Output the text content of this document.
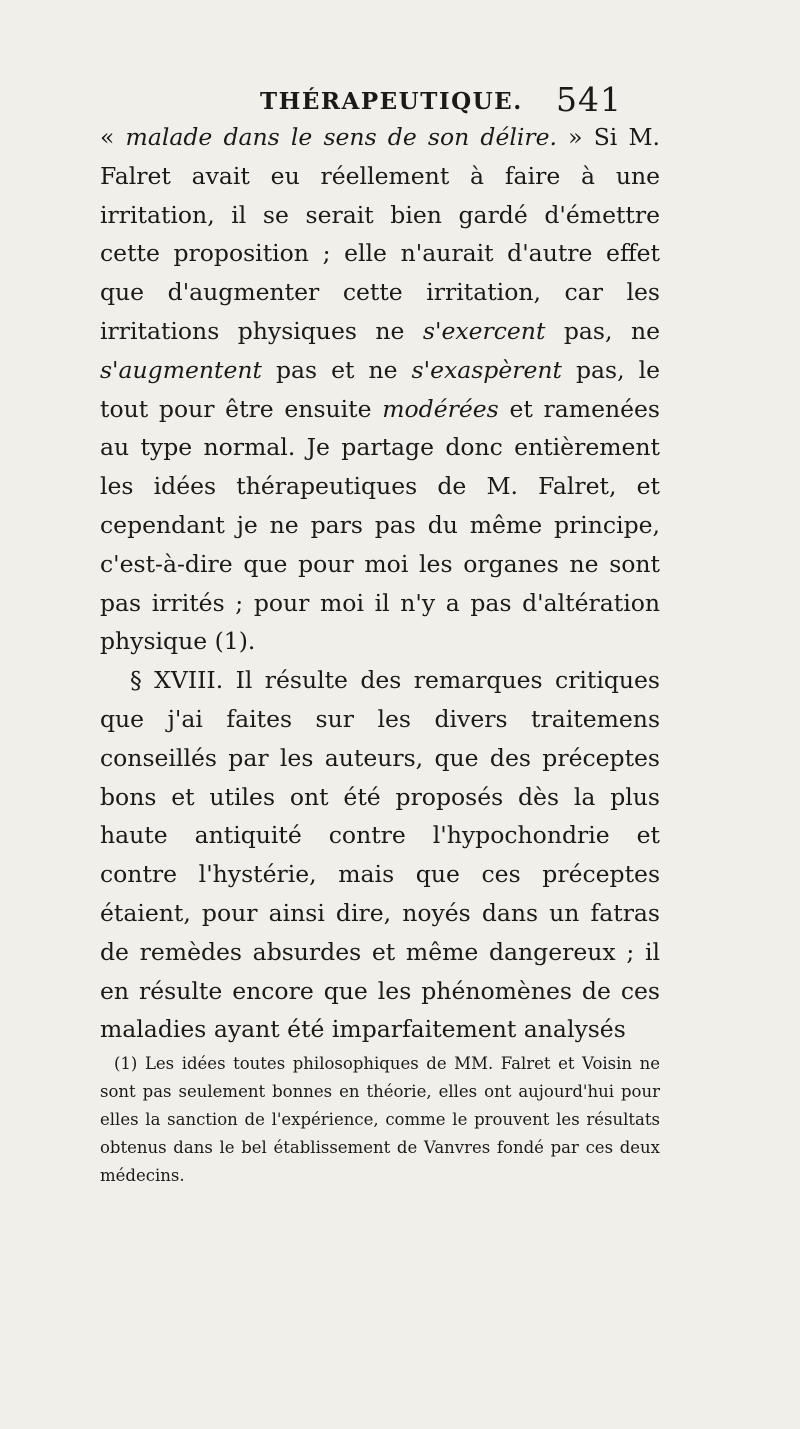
THÉRAPEUTIQUE. 541

« malade dans le sens de son délire. » Si M. Falret avait eu réellement à faire à une irritation, il se serait bien gardé d'émettre cette proposition ; elle n'aurait d'autre effet que d'augmenter cette irritation, car les irritations physiques ne s'exercent pas, ne s'augmentent pas et ne s'exaspèrent pas, le tout pour être ensuite modérées et ramenées au type normal. Je partage donc entièrement les idées thérapeutiques de M. Falret, et cependant je ne pars pas du même principe, c'est-à-dire que pour moi les organes ne sont pas irrités ; pour moi il n'y a pas d'altération physique (1).

§ XVIII. Il résulte des remarques critiques que j'ai faites sur les divers traitemens conseillés par les auteurs, que des préceptes bons et utiles ont été proposés dès la plus haute antiquité contre l'hypochondrie et contre l'hystérie, mais que ces préceptes étaient, pour ainsi dire, noyés dans un fatras de remèdes absurdes et même dangereux ; il en résulte encore que les phénomènes de ces maladies ayant été imparfaitement analysés

(1) Les idées toutes philosophiques de MM. Falret et Voisin ne sont pas seulement bonnes en théorie, elles ont aujourd'hui pour elles la sanction de l'expérience, comme le prouvent les résultats obtenus dans le bel établissement de Vanvres fondé par ces deux médecins.
